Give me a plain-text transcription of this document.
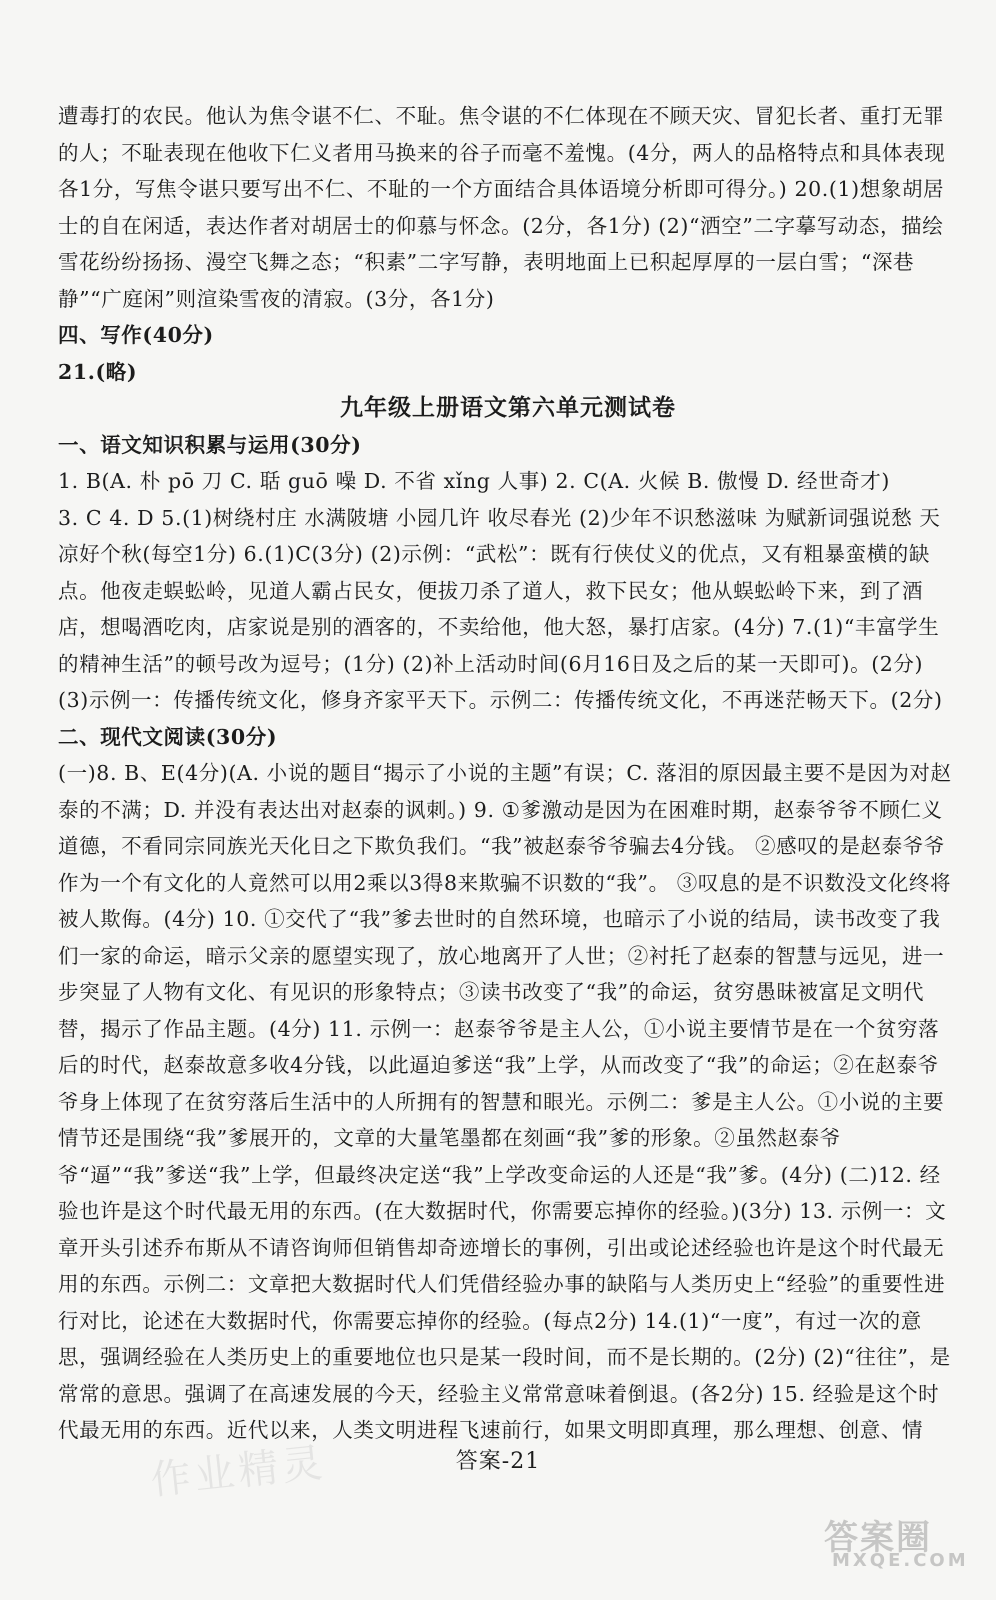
遭毒打的农民。他认为焦令谌不仁、不耻。焦令谌的不仁体现在不顾天灾、冒犯长者、重打无罪的人；不耻表现在他收下仁义者用马换来的谷子而毫不羞愧。(4分，两人的品格特点和具体表现各1分，写焦令谌只要写出不仁、不耻的一个方面结合具体语境分析即可得分。) 20.(1)想象胡居士的自在闲适，表达作者对胡居士的仰慕与怀念。(2分，各1分) (2)“洒空”二字摹写动态，描绘雪花纷纷扬扬、漫空飞舞之态；“积素”二字写静，表明地面上已积起厚厚的一层白雪；“深巷静”“广庭闲”则渲染雪夜的清寂。(3分，各1分)

四、写作(40分)

21.(略)

九年级上册语文第六单元测试卷

一、语文知识积累与运用(30分)

1. B(A. 朴 pō 刀 C. 聒 guō 噪 D. 不省 xǐng 人事) 2. C(A. 火候 B. 傲慢 D. 经世奇才)

3. C 4. D 5.(1)树绕村庄 水满陂塘 小园几许 收尽春光 (2)少年不识愁滋味 为赋新词强说愁 天凉好个秋(每空1分) 6.(1)C(3分) (2)示例：“武松”：既有行侠仗义的优点，又有粗暴蛮横的缺点。他夜走蜈蚣岭，见道人霸占民女，便拔刀杀了道人，救下民女；他从蜈蚣岭下来，到了酒店，想喝酒吃肉，店家说是别的酒客的，不卖给他，他大怒，暴打店家。(4分) 7.(1)“丰富学生的精神生活”的顿号改为逗号；(1分) (2)补上活动时间(6月16日及之后的某一天即可)。(2分) (3)示例一：传播传统文化，修身齐家平天下。示例二：传播传统文化，不再迷茫畅天下。(2分)

二、现代文阅读(30分)

(一)8. B、E(4分)(A. 小说的题目“揭示了小说的主题”有误；C. 落泪的原因最主要不是因为对赵泰的不满；D. 并没有表达出对赵泰的讽刺。) 9. ①爹激动是因为在困难时期，赵泰爷爷不顾仁义道德，不看同宗同族光天化日之下欺负我们。“我”被赵泰爷爷骗去4分钱。 ②感叹的是赵泰爷爷作为一个有文化的人竟然可以用2乘以3得8来欺骗不识数的“我”。 ③叹息的是不识数没文化终将被人欺侮。(4分) 10. ①交代了“我”爹去世时的自然环境，也暗示了小说的结局，读书改变了我们一家的命运，暗示父亲的愿望实现了，放心地离开了人世；②衬托了赵泰的智慧与远见，进一步突显了人物有文化、有见识的形象特点；③读书改变了“我”的命运，贫穷愚昧被富足文明代替，揭示了作品主题。(4分) 11. 示例一：赵泰爷爷是主人公，①小说主要情节是在一个贫穷落后的时代，赵泰故意多收4分钱，以此逼迫爹送“我”上学，从而改变了“我”的命运；②在赵泰爷爷身上体现了在贫穷落后生活中的人所拥有的智慧和眼光。示例二：爹是主人公。①小说的主要情节还是围绕“我”爹展开的，文章的大量笔墨都在刻画“我”爹的形象。②虽然赵泰爷爷“逼”“我”爹送“我”上学，但最终决定送“我”上学改变命运的人还是“我”爹。(4分) (二)12. 经验也许是这个时代最无用的东西。(在大数据时代，你需要忘掉你的经验。)(3分) 13. 示例一：文章开头引述乔布斯从不请咨询师但销售却奇迹增长的事例，引出或论述经验也许是这个时代最无用的东西。示例二：文章把大数据时代人们凭借经验办事的缺陷与人类历史上“经验”的重要性进行对比，论述在大数据时代，你需要忘掉你的经验。(每点2分) 14.(1)“一度”，有过一次的意思，强调经验在人类历史上的重要地位也只是某一段时间，而不是长期的。(2分) (2)“往往”，是常常的意思。强调了在高速发展的今天，经验主义常常意味着倒退。(各2分) 15. 经验是这个时代最无用的东西。近代以来，人类文明进程飞速前行，如果文明即真理，那么理想、创意、情

作业精灵	答案-21
答案圈
MXQE.COM
